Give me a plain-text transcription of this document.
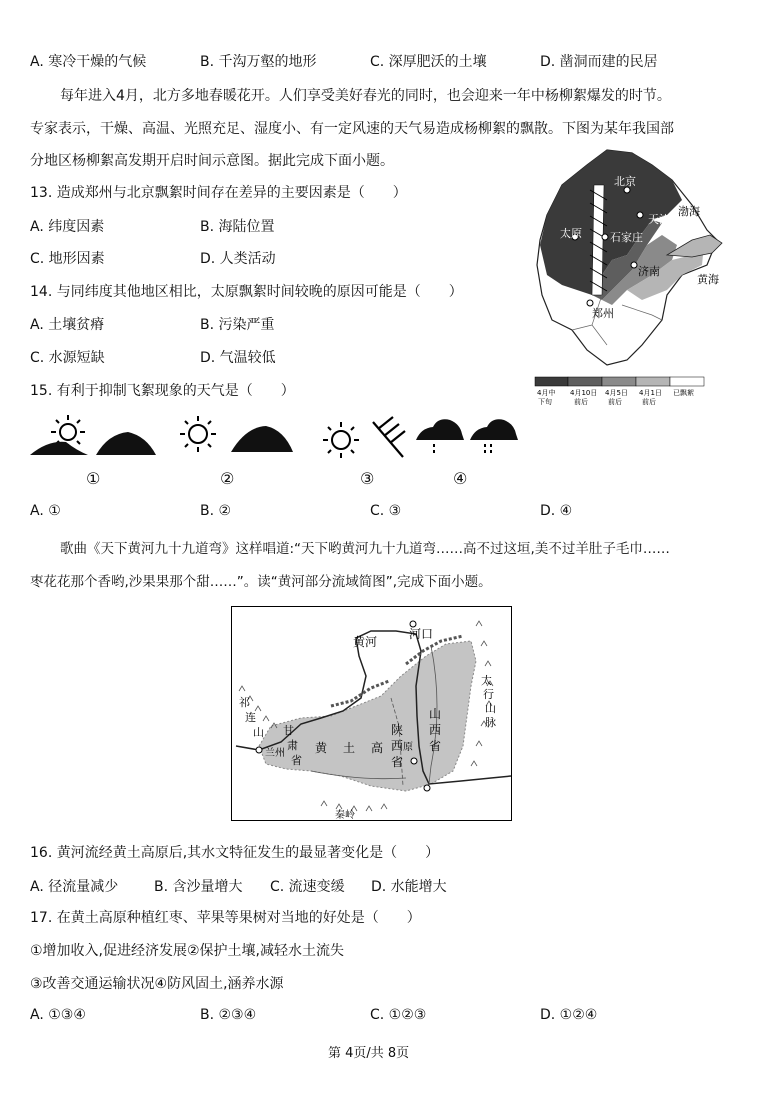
A. 寒冷干燥的气候	B. 千沟万壑的地形	C. 深厚肥沃的土壤	D. 凿洞而建的民居
每年进入4月，北方多地春暖花开。人们享受美好春光的同时，也会迎来一年中杨柳絮爆发的时节。
专家表示，干燥、高温、光照充足、湿度小、有一定风速的天气易造成杨柳絮的飘散。下图为某年我国部
分地区杨柳絮高发期开启时间示意图。据此完成下面小题。
13. 造成郑州与北京飘絮时间存在差异的主要因素是（　　）
A. 纬度因素	B. 海陆位置
C. 地形因素	D. 人类活动
14. 与同纬度其他地区相比，太原飘絮时间较晚的原因可能是（　　）
A. 土壤贫瘠	B. 污染严重
C. 水源短缺	D. 气温较低
15. 有利于抑制飞絮现象的天气是（　　）
北京
天津
渤海
太原	石家庄
济南
黄海
郑州
4月中
下旬
4月10日
前后
4月5日
前后
4月1日
前后
已飘絮
①	②	③	④
A. ①	B. ②	C. ③	D. ④
歌曲《天下黄河九十九道弯》这样唱道:“天下哟黄河九十九道弯……高不过这垣,美不过羊肚子毛巾……
枣花花那个香哟,沙果果那个甜……”。读“黄河部分流域简图”,完成下面小题。
黄河
河口
太
行
山
脉
山
西
省
陕
西
省
兰州
甘
肃
省
黄 土 高 原
祁
连
山
秦岭
16. 黄河流经黄土高原后,其水文特征发生的最显著变化是（　　）
A. 径流量减少	B. 含沙量增大 C. 流速变缓 D. 水能增大
17. 在黄土高原种植红枣、苹果等果树对当地的好处是（　　）
①增加收入,促进经济发展②保护土壤,减轻水土流失
③改善交通运输状况④防风固土,涵养水源
A. ①③④	B. ②③④	C. ①②③	D. ①②④
第 4页/共 8页
